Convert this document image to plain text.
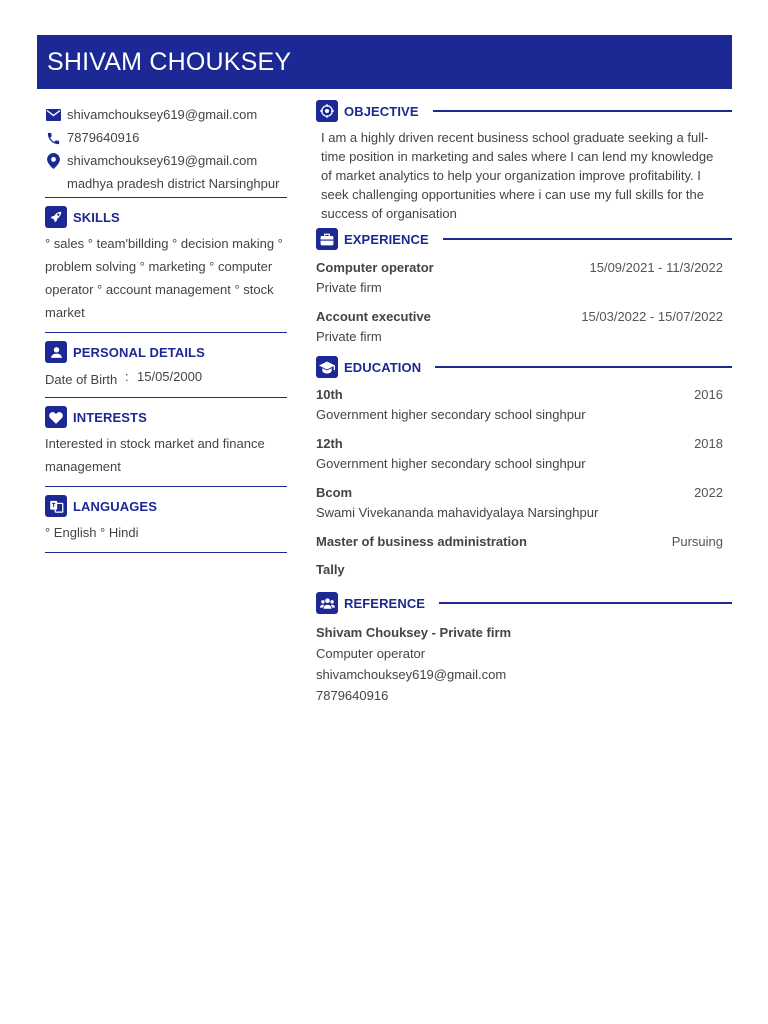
SHIVAM CHOUKSEY
shivamchouksey619@gmail.com
7879640916
shivamchouksey619@gmail.com madhya pradesh district Narsinghpur
SKILLS
° sales ° team'billding ° decision making ° problem solving ° marketing ° computer operator ° account management ° stock market
PERSONAL DETAILS
Date of Birth : 15/05/2000
INTERESTS
Interested in stock market and finance management
LANGUAGES
° English ° Hindi
OBJECTIVE
I am a highly driven recent business school graduate seeking a full-time position in marketing and sales where I can lend my knowledge of market analytics to help your organization improve profitability. I seek challenging opportunities where i can use my full skills for the success of organisation
EXPERIENCE
Computer operator	15/09/2021 - 11/3/2022
Private firm
Account executive	15/03/2022 - 15/07/2022
Private firm
EDUCATION
10th	2016
Government higher secondary school singhpur
12th	2018
Government higher secondary school singhpur
Bcom	2022
Swami Vivekananda mahavidyalaya Narsinghpur
Master of business administration	Pursuing
Tally
REFERENCE
Shivam Chouksey - Private firm
Computer operator
shivamchouksey619@gmail.com
7879640916
